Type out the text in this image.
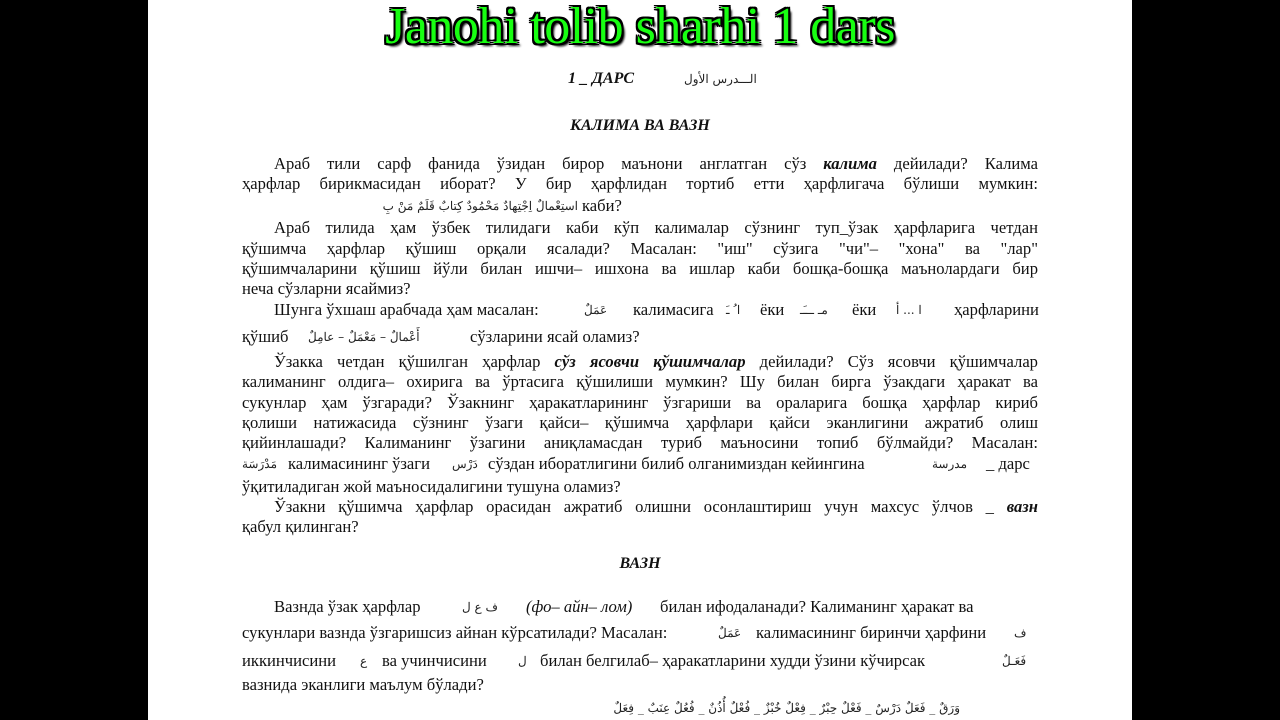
Janohi tolib sharhi 1 dars
1 _ ДАРС	الـــدرس الأول
КАЛИМА ВА ВАЗН
Араб тили сарф фанида ўзидан бирор маънони англатган сўз калима дейилади? Калима
ҳарфлар бирикмасидан иборат? У бир ҳарфлидан тортиб етти ҳарфлигача бўлиши мумкин:
استِعْمالٌ اِجْتِهادٌ مَحْمُودٌ كِتابٌ قَلَمٌ مَنْ بِ каби?
Араб тилида ҳам ўзбек тилидаги каби кўп калималар сўзнинг туп_ўзак ҳарфларига четдан
қўшимча ҳарфлар қўшиш орқали ясалади? Масалан: "иш" сўзига "чи"– "хона" ва "лар"
қўшимчаларини қўшиш йўли билан ишчи– ишхона ва ишлар каби бошқа-бошқа маънолардаги бир
неча сўзларни ясаймиз?
Шунга ўхшаш арабчада ҳам масалан:	عَمَلٌ калимасига ا ُ ـَ ёки مـ ـــَـ ёки ا ... أ ҳарфларини
қўшиб أَعْمالٌ – مَعْمَلٌ – عامِلٌ	сўзларини ясай оламиз?
Ўзакка четдан қўшилган ҳарфлар сўз ясовчи қўшимчалар дейилади? Сўз ясовчи қўшимчалар
калиманинг олдига– охирига ва ўртасига қўшилиши мумкин? Шу билан бирга ўзакдаги ҳаракат ва
сукунлар ҳам ўзгаради? Ўзакнинг ҳаракатларининг ўзгариши ва ораларига бошқа ҳарфлар кириб
қолиши натижасида сўзнинг ўзаги қайси– қўшимча ҳарфлари қайси эканлигини ажратиб олиш
қийинлашади? Калиманинг ўзагини аниқламасдан туриб маъносини топиб бўлмайди? Масалан:
مَدْرَسَة калимасининг ўзаги دَرْس сўздан иборатлигини билиб олганимиздан кейингина	مدرسة _ дарс
ўқитиладиган жой маъносидалигини тушуна оламиз?
Ўзакни қўшимча ҳарфлар орасидан ажратиб олишни осонлаштириш учун махсус ўлчов _ вазн
қабул қилинган?
ВАЗН
Вазнда ўзак ҳарфлар	ف ع ل (фо– айн– лом) билан ифодаланади? Калиманинг ҳаракат ва
сукунлари вазнда ўзгаришсиз айнан кўрсатилади? Масалан:	عَمَلٌ калимасининг биринчи ҳарфини ف
иккинчисини ع ва учинчисини	ل билан белгилаб– ҳаракатларини худди ўзини кўчирсак	فَعَـلٌ
вазнида эканлиги маълум бўлади?
وَرَقٌ _ فَعَلٌ دَرْسٌ _ فَعْلٌ حِبْرٌ _ فِعْلٌ خُبْزٌ _ فُعْلٌ أُذُنٌ _ فُعُلٌ عِنَبٌ _ فِعَلٌ
